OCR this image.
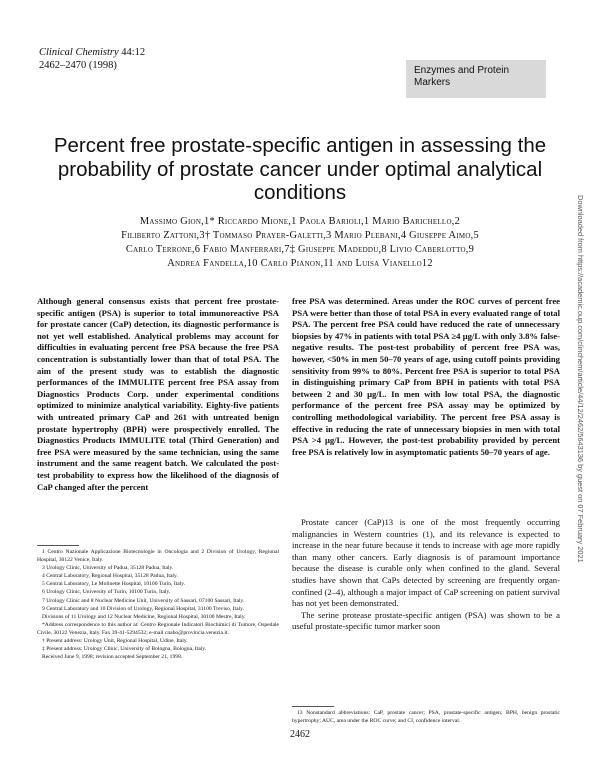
Clinical Chemistry 44:12
2462–2470 (1998)	Enzymes and Protein
Markers
Percent free prostate-specific antigen in assessing the probability of prostate cancer under optimal analytical conditions
Massimo Gion,1* Riccardo Mione,1 Paola Barioli,1 Mario Barichello,2
Filiberto Zattoni,3† Tommaso Prayer-Galetti,3 Mario Plebani,4 Giuseppe Aimo,5
Carlo Terrone,6 Fabio Manferrari,7‡ Giuseppe Madeddu,8 Livio Caberlotto,9
Andrea Fandella,10 Carlo Pianon,11 and Luisa Vianello12	Downloaded from https://academic.oup.com/clinchem/article/44/12/2462/5643136 by guest on 07 February 2021
Although general consensus exists that percent free prostate-specific antigen (PSA) is superior to total immunoreactive PSA for prostate cancer (CaP) detection, its diagnostic performance is not yet well established. Analytical problems may account for difficulties in evaluating percent free PSA because the free PSA concentration is substantially lower than that of total PSA. The aim of the present study was to establish the diagnostic performances of the IMMULITE percent free PSA assay from Diagnostics Products Corp. under experimental conditions optimized to minimize analytical variability. Eighty-five patients with untreated primary CaP and 261 with untreated benign prostate hypertrophy (BPH) were prospectively enrolled. The Diagnostics Products IMMULITE total (Third Generation) and free PSA were measured by the same technician, using the same instrument and the same reagent batch. We calculated the post-test probability to express how the likelihood of the diagnosis of CaP changed after the percent
free PSA was determined. Areas under the ROC curves of percent free PSA were better than those of total PSA in every evaluated range of total PSA. The percent free PSA could have reduced the rate of unnecessary biopsies by 47% in patients with total PSA ≥4 μg/L with only 3.8% false-negative results. The post-test probability of percent free PSA was, however, <50% in men 50–70 years of age, using cutoff points providing sensitivity from 99% to 80%. Percent free PSA is superior to total PSA in distinguishing primary CaP from BPH in patients with total PSA between 2 and 30 μg/L. In men with low total PSA, the diagnostic performance of the percent free PSA assay may be optimized by controlling methodological variability. The percent free PSA assay is effective in reducing the rate of unnecessary biopsies in men with total PSA >4 μg/L. However, the post-test probability provided by percent free PSA is relatively low in asymptomatic patients 50–70 years of age.

Prostate cancer (CaP)13 is one of the most frequently occurring malignancies in Western countries (1), and its relevance is expected to increase in the near future because it tends to increase with age more rapidly than many other cancers. Early diagnosis is of paramount importance because the disease is curable only when confined to the gland. Several studies have shown that CaPs detected by screening are frequently organ-confined (2–4), although a major impact of CaP screening on patient survival has not yet been demonstrated.

The serine protease prostate-specific antigen (PSA) was shown to be a useful prostate-specific tumor marker soon

1 Centro Nazionale Applicazione Biotecnologie in Oncologia and 2 Division of Urology, Regional Hospital, 30122 Venice, Italy.

3 Urology Clinic, University of Padua, 35128 Padua, Italy.

4 Central Laboratory, Regional Hospital, 35128 Padua, Italy.

5 Central Laboratory, Le Molinette Hospital, 10100 Turin, Italy.

6 Urology Clinic, University of Turin, 10100 Turin, Italy.

7 Urology Clinic and 8 Nuclear Medicine Unit, University of Sassari, 07100 Sassari, Italy.

9 Central Laboratory and 10 Division of Urology, Regional Hospital, 31100 Treviso, Italy.

Divisions of 11 Urology and 12 Nuclear Medicine, Regional Hospital, 30100 Mestre, Italy.

*Address correspondence to this author at: Centro Regionale Indicatori Biochimici di Tumore, Ospedale Civile, 30122 Venezia, Italy. Fax 39-41-5294532; e-mail cnabo@provincia.venezia.it.

† Present address: Urology Unit, Regional Hospital, Udine, Italy.

‡ Present address: Urology Clinic, University of Bologna, Bologna, Italy.

Received June 9, 1998; revision accepted September 21, 1998.

13 Nonstandard abbreviations: CaP, prostate cancer; PSA, prostate-specific antigen; BPH, benign prostatic hypertrophy; AUC, area under the ROC curve; and CI, confidence interval.
2462
